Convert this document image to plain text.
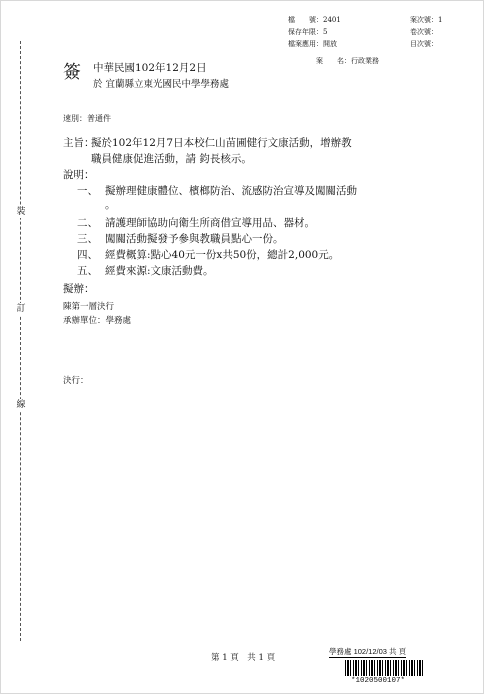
裝
訂
線
檔　　號：2401
保存年限：5
檔案應用：開放
案次號：1
卷次號：
目次號：
案　　名：行政業務
簽 中華民國102年12月2日
於 宜蘭縣立東光國民中學學務處
速別：普通件
主旨：
擬於102年12月7日本校仁山苗圃健行文康活動，增辦教
職員健康促進活動，請 鈞長核示。
說明：
一、 擬辦理健康體位、檳榔防治、流感防治宣導及闖關活動
。
二、 請護理師協助向衛生所商借宣導用品、器材。
三、 闖關活動擬發予參與教職員點心一份。
四、 經費概算:點心40元一份x共50份，總計2,000元。
五、 經費來源:文康活動費。
擬辦：
陳第一層決行
承辦單位：學務處
決行：
第 1 頁　共 1 頁
學務處 102/12/03 共 頁
*1020500107*
